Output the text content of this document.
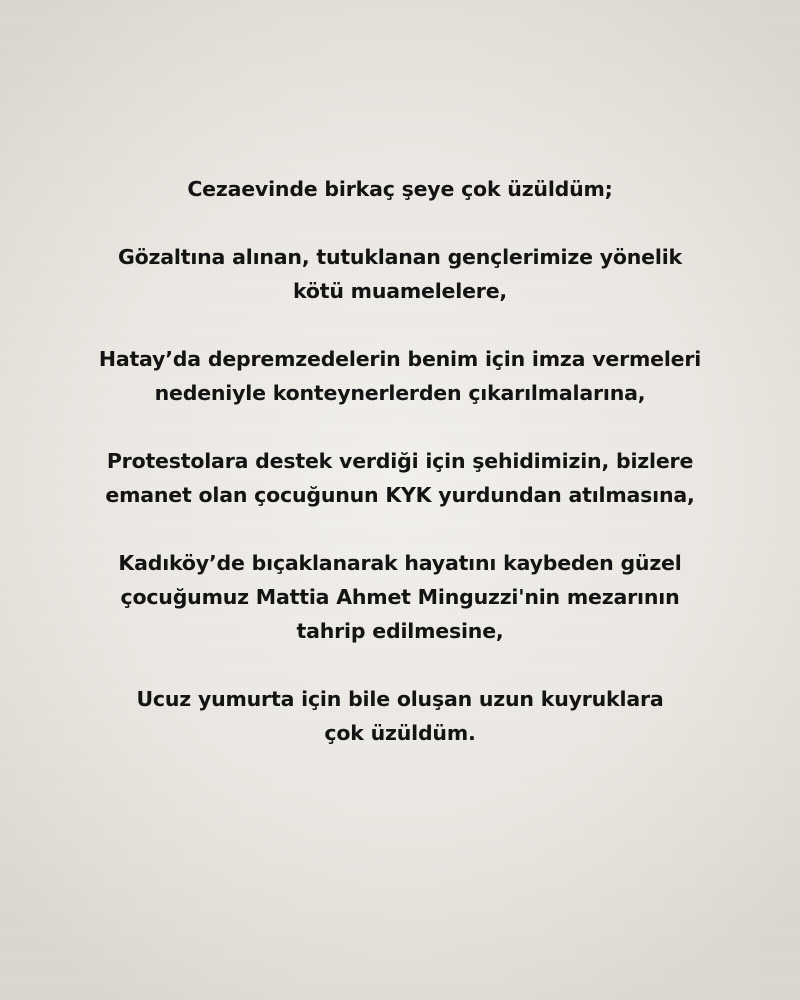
Cezaevinde birkaç şeye çok üzüldüm;

Gözaltına alınan, tutuklanan gençlerimize yönelik
kötü muamelelere,

Hatay’da depremzedelerin benim için imza vermeleri
nedeniyle konteynerlerden çıkarılmalarına,

Protestolara destek verdiği için şehidimizin, bizlere
emanet olan çocuğunun KYK yurdundan atılmasına,

Kadıköy’de bıçaklanarak hayatını kaybeden güzel
çocuğumuz Mattia Ahmet Minguzzi'nin mezarının
tahrip edilmesine,

Ucuz yumurta için bile oluşan uzun kuyruklara
çok üzüldüm.
